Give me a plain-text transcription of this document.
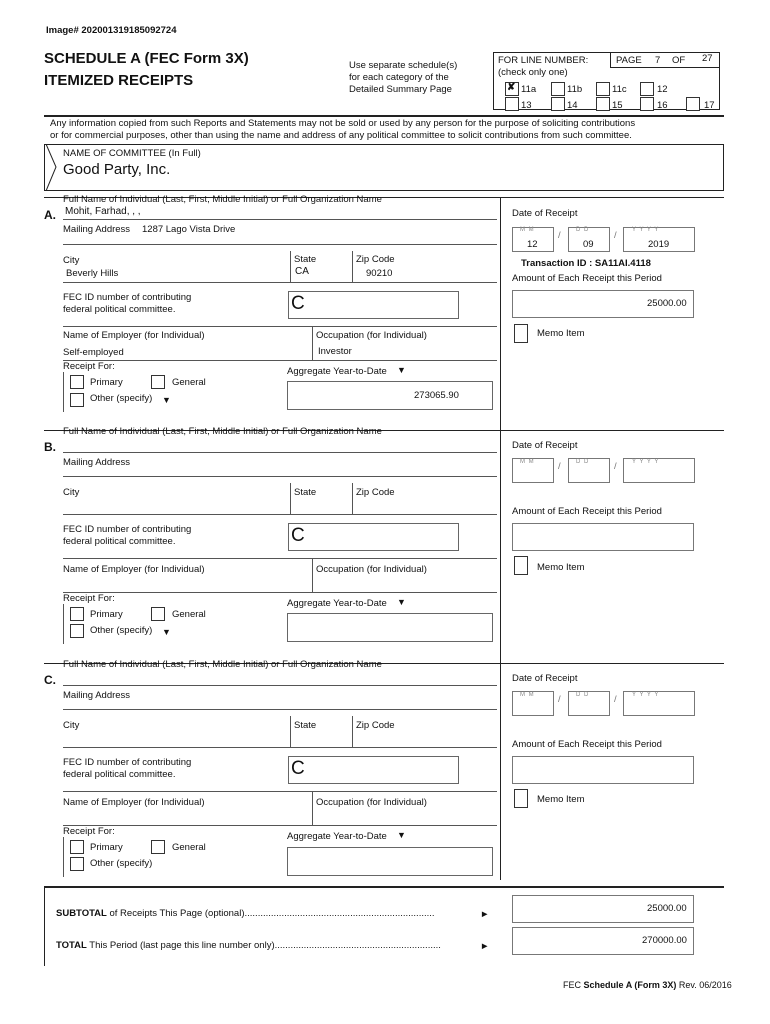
Image# 202001319185092724
SCHEDULE A (FEC Form 3X)
ITEMIZED RECEIPTS
Use separate schedule(s)
for each category of the
Detailed Summary Page
FOR LINE NUMBER:
(check only one)
PAGE 7 OF 27
✘ 11a	11b	11c	12
13	14	15	16	17
Any information copied from such Reports and Statements may not be sold or used by any person for the purpose of soliciting contributions
or for commercial purposes, other than using the name and address of any political committee to solicit contributions from such committee.
NAME OF COMMITTEE (In Full)
Good Party, Inc.
Full Name of Individual (Last, First, Middle Initial) or Full Organization Name
A. Mohit, Farhad, , ,
Mailing Address 1287 Lago Vista Drive
City
Beverly Hills
State
CA
Zip Code
90210
FEC ID number of contributing
federal political committee.	C
Name of Employer (for Individual)
Self-employed
Occupation (for Individual)
Investor
Receipt For:
Primary	General
Other (specify) ▼
Aggregate Year-to-Date ▼
273065.90
Date of Receipt
M M
12
/	D D
09
/	Y Y Y Y
2019
Transaction ID : SA11AI.4118
Amount of Each Receipt this Period
25000.00
Memo Item
Full Name of Individual (Last, First, Middle Initial) or Full Organization Name
B.
Mailing Address
City	State	Zip Code
FEC ID number of contributing
federal political committee.	C
Name of Employer (for Individual)	Occupation (for Individual)
Receipt For:
Primary	General
Other (specify) ▼
Aggregate Year-to-Date ▼
Date of Receipt
M M /	D D	/	Y Y Y Y
Amount of Each Receipt this Period
Memo Item
Full Name of Individual (Last, First, Middle Initial) or Full Organization Name
C.
Mailing Address
City	State	Zip Code
FEC ID number of contributing
federal political committee.	C
Name of Employer (for Individual)	Occupation (for Individual)
Receipt For:
Primary	General
Other (specify)
Aggregate Year-to-Date ▼
Date of Receipt
M M /	D D	/	Y Y Y Y
Amount of Each Receipt this Period
Memo Item
SUBTOTAL of Receipts This Page (optional)........................................................................	►
25000.00
TOTAL This Period (last page this line number only)...............................................................	►
270000.00
FEC Schedule A (Form 3X) Rev. 06/2016
